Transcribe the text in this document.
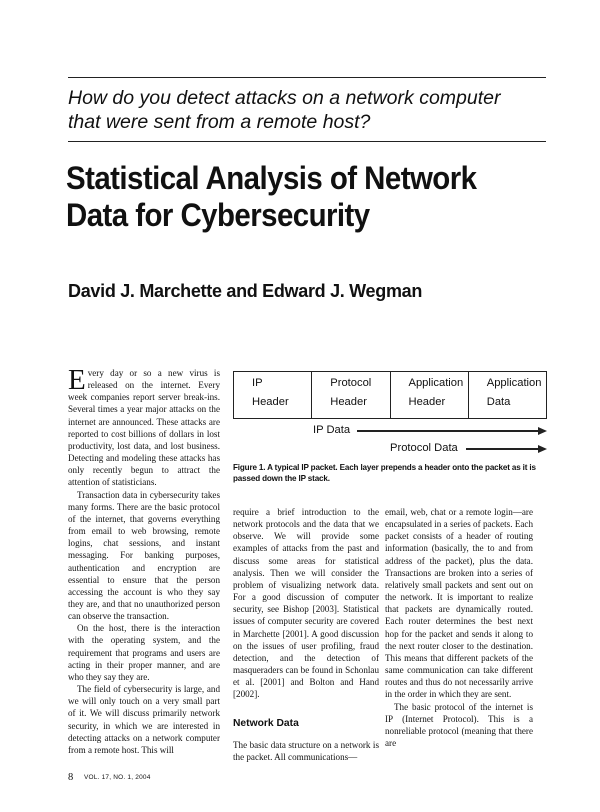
How do you detect attacks on a network computer that were sent from a remote host?
Statistical Analysis of Network Data for Cybersecurity
David J. Marchette and Edward J. Wegman

Every day or so a new virus is released on the internet. Every week companies report server break-ins. Several times a year major attacks on the internet are announced. These attacks are reported to cost billions of dollars in lost productivity, lost data, and lost business. Detecting and modeling these attacks has only recently begun to attract the attention of statisticians.

Transaction data in cybersecurity takes many forms. There are the basic protocol of the internet, that governs everything from email to web browsing, remote logins, chat sessions, and instant messaging. For banking purposes, authentication and encryption are essential to ensure that the person accessing the account is who they say they are, and that no unauthorized person can observe the transaction.

On the host, there is the interaction with the operating system, and the requirement that programs and users are acting in their proper manner, and are who they say they are.

The field of cybersecurity is large, and we will only touch on a very small part of it. We will discuss primarily network security, in which we are interested in detecting attacks on a network computer from a remote host. This will

IP
Header
Protocol
Header
Application
Header
Application
Data
IP Data
Protocol Data

Figure 1. A typical IP packet. Each layer prepends a header onto the packet as it is passed down the IP stack.

require a brief introduction to the network protocols and the data that we observe. We will provide some examples of attacks from the past and discuss some areas for statistical analysis. Then we will consider the problem of visualizing network data. For a good discussion of computer security, see Bishop [2003]. Statistical issues of computer security are covered in Marchette [2001]. A good discussion on the issues of user profiling, fraud detection, and the detection of masqueraders can be found in Schonlau et al. [2001] and Bolton and Hand [2002].

Network Data

The basic data structure on a network is the packet. All communications—

email, web, chat or a remote login—are encapsulated in a series of packets. Each packet consists of a header of routing information (basically, the to and from address of the packet), plus the data. Transactions are broken into a series of relatively small packets and sent out on the network. It is important to realize that packets are dynamically routed. Each router determines the best next hop for the packet and sends it along to the next router closer to the destination. This means that different packets of the same communication can take different routes and thus do not necessarily arrive in the order in which they are sent.

The basic protocol of the internet is IP (Internet Protocol). This is a nonreliable protocol (meaning that there are

8 VOL. 17, NO. 1, 2004
